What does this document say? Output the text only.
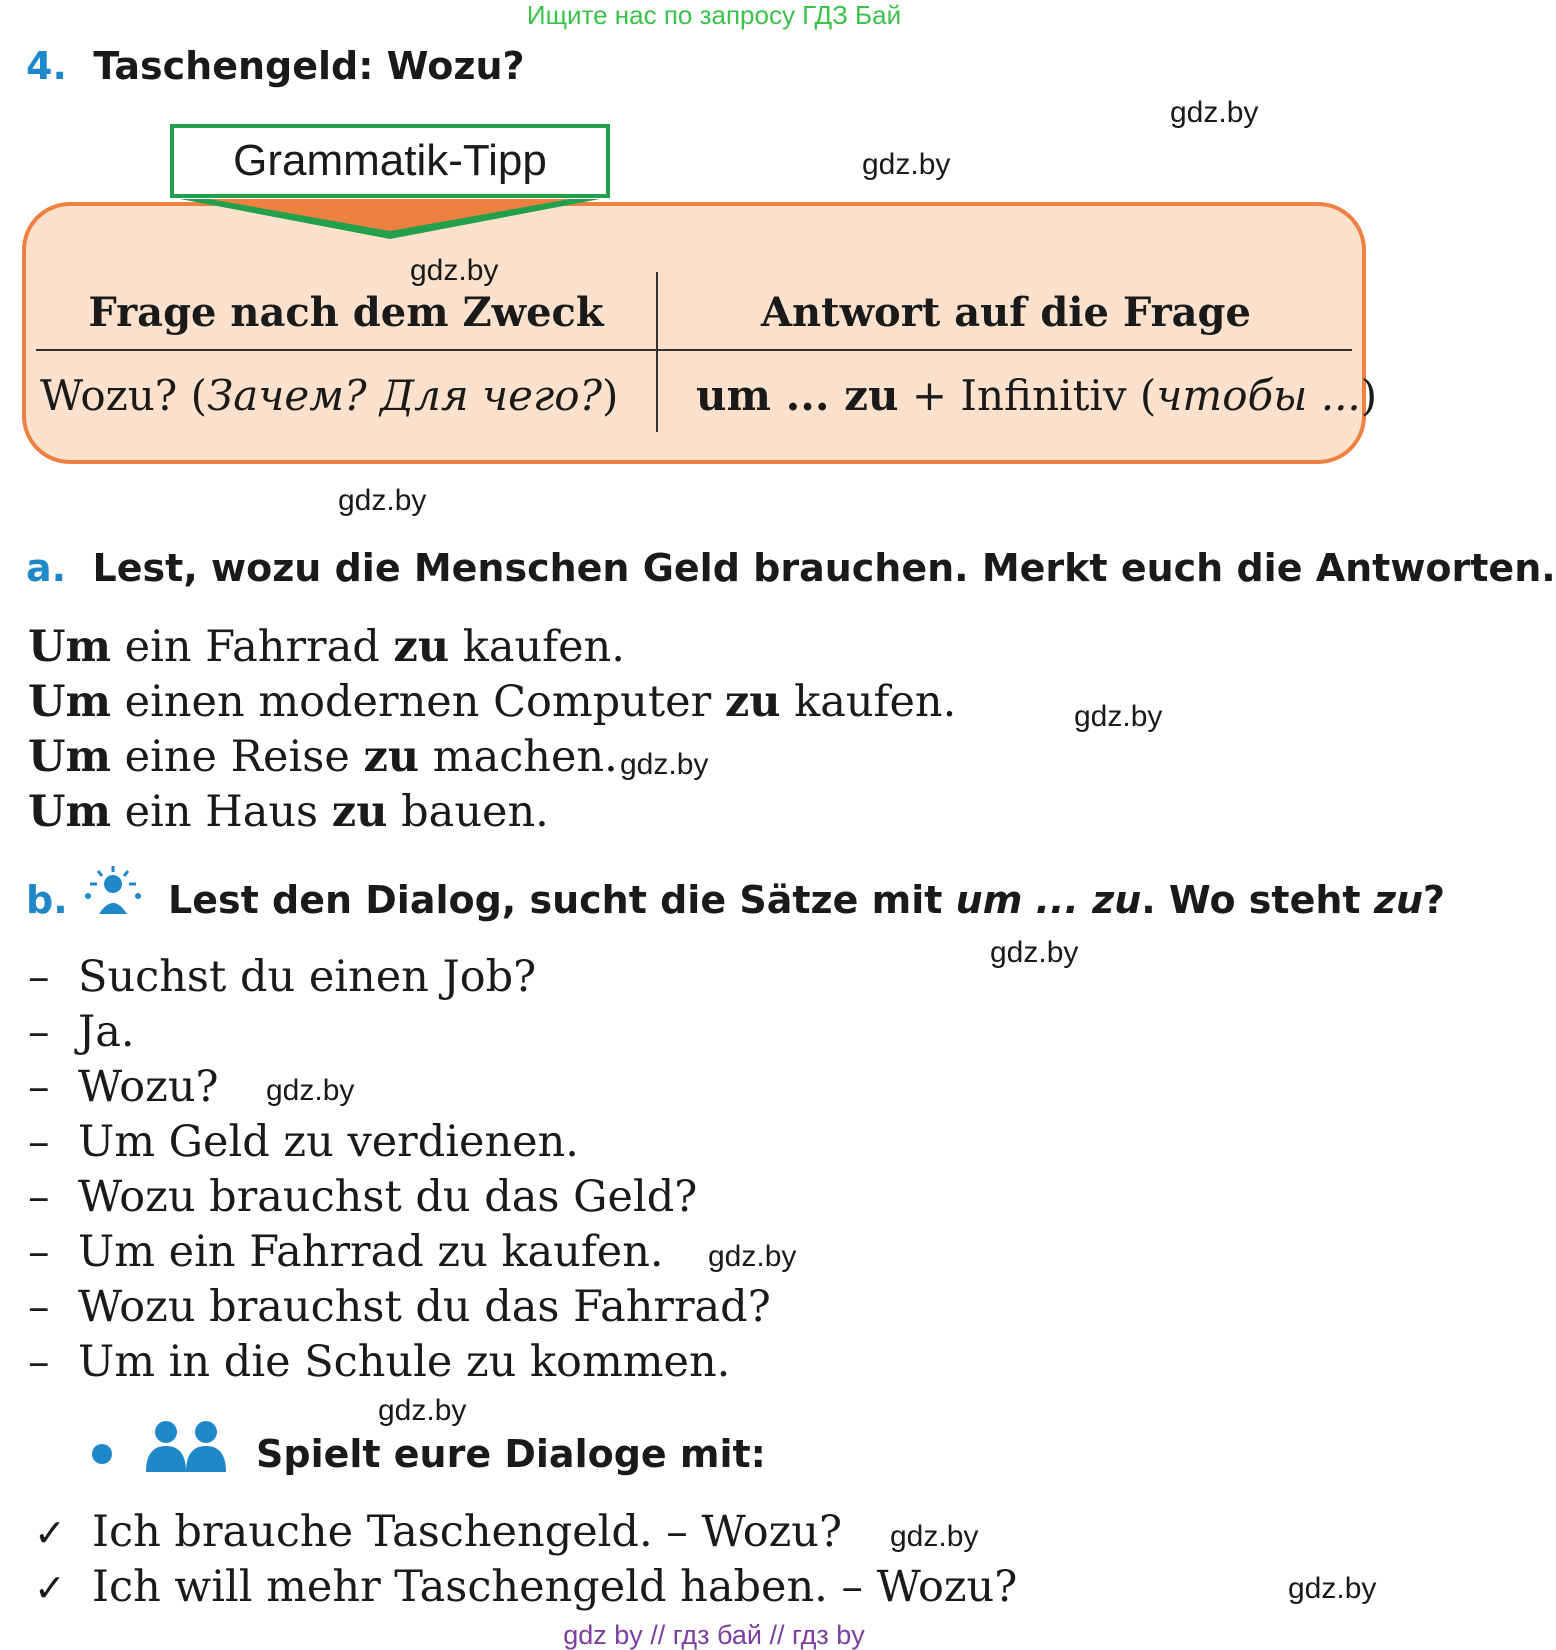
Ищите нас по запросу ГДЗ Бай
4. Taschengeld: Wozu?
gdz.by
gdz.by
gdz.by
gdz.by
gdz.by
gdz.by
gdz.by
gdz.by
gdz.by
gdz.by
gdz.by
gdz.by
Grammatik-Tipp
Frage nach dem Zweck	Antwort auf die Frage
Wozu? (Зачем? Для чего?) um ... zu + Infinitiv (чтобы ...)
a. Lest, wozu die Menschen Geld brauchen. Merkt euch die Antworten.
Um ein Fahrrad zu kaufen.
Um einen modernen Computer zu kaufen.
Um eine Reise zu machen.
Um ein Haus zu bauen.
b.	Lest den Dialog, sucht die Sätze mit um ... zu. Wo steht zu?
– Suchst du einen Job?
– Ja.
– Wozu?
– Um Geld zu verdienen.
– Wozu brauchst du das Geld?
– Um ein Fahrrad zu kaufen.
– Wozu brauchst du das Fahrrad?
– Um in die Schule zu kommen.
Spielt eure Dialoge mit:
✓ Ich brauche Taschengeld. – Wozu?
✓ Ich will mehr Taschengeld haben. – Wozu?
gdz by // гдз бай // гдз by
